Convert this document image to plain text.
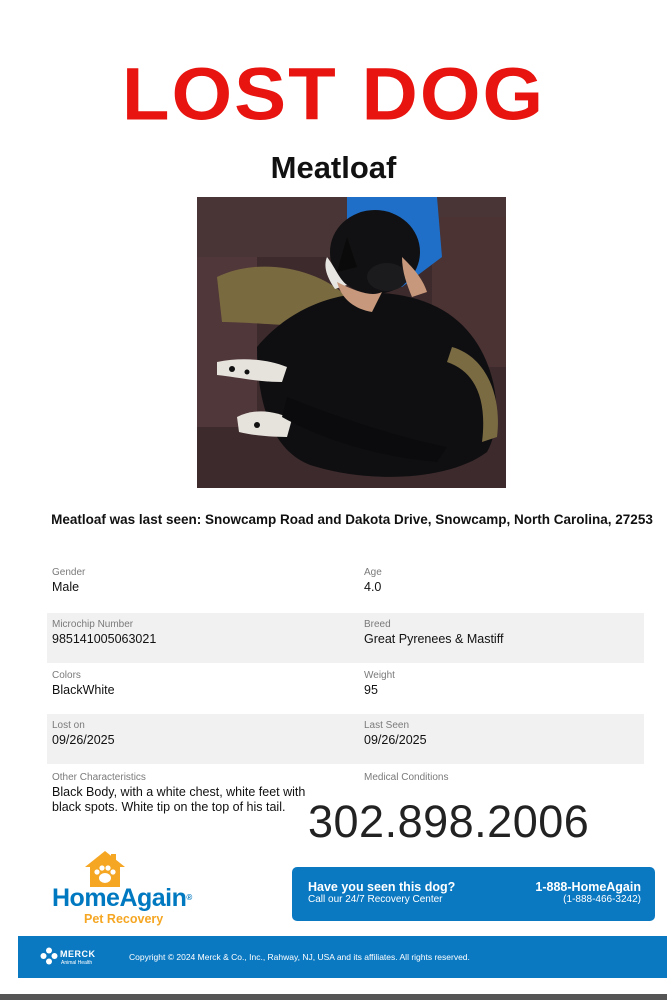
LOST DOG
Meatloaf
Meatloaf was last seen: Snowcamp Road and Dakota Drive, Snowcamp, North Carolina, 27253
Gender
Male
Age
4.0
Microchip Number
985141005063021
Breed
Great Pyrenees & Mastiff
Colors
BlackWhite
Weight
95
Lost on
09/26/2025
Last Seen
09/26/2025
Other Characteristics
Black Body, with a white chest, white feet with black spots. White tip on the top of his tail.
Medical Conditions
302.898.2006
HomeAgain®
Pet Recovery
Have you seen this dog?
Call our 24/7 Recovery Center
1-888-HomeAgain
(1-888-466-3242)
MERCK
Animal Health
Copyright © 2024 Merck & Co., Inc., Rahway, NJ, USA and its affiliates. All rights reserved.
